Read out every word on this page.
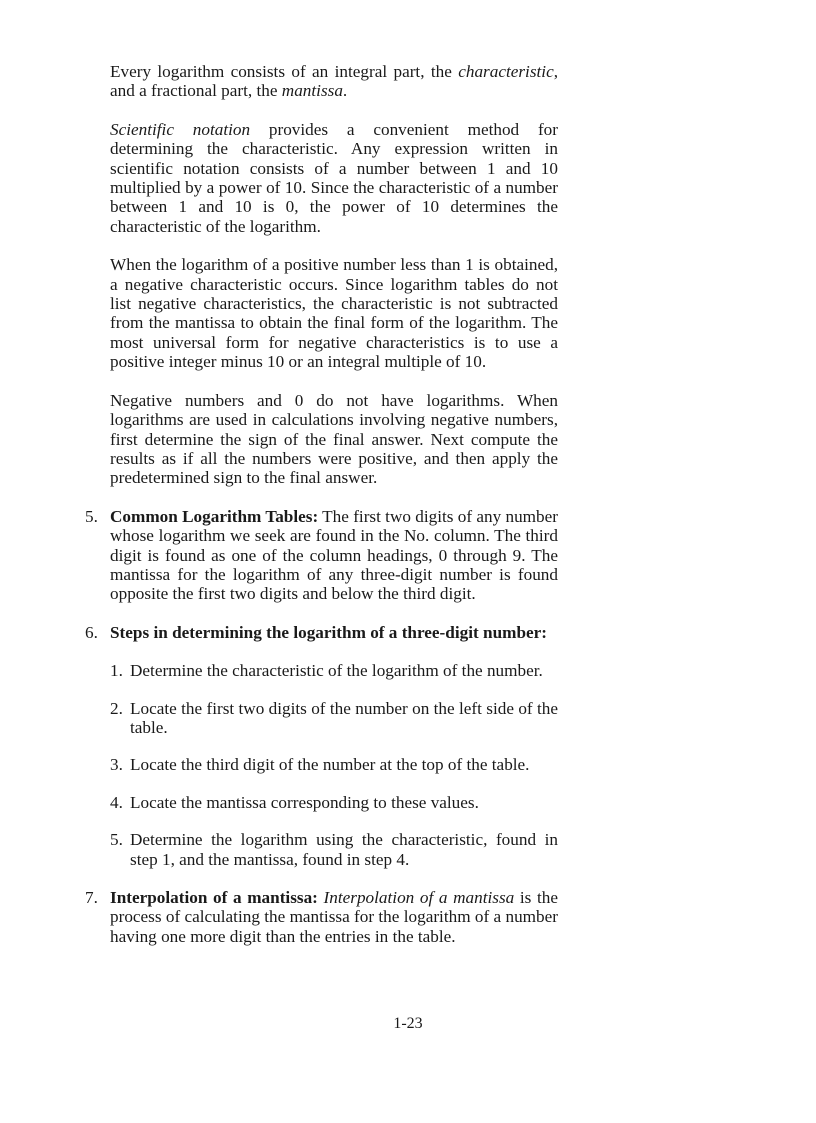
Every logarithm consists of an integral part, the characteristic, and a fractional part, the mantissa.

Scientific notation provides a convenient method for determining the characteristic. Any expression written in scientific notation consists of a number between 1 and 10 multiplied by a power of 10. Since the characteristic of a number between 1 and 10 is 0, the power of 10 determines the characteristic of the logarithm.

When the logarithm of a positive number less than 1 is obtained, a negative characteristic occurs. Since logarithm tables do not list negative characteristics, the characteristic is not subtracted from the mantissa to obtain the final form of the logarithm. The most universal form for negative characteristics is to use a positive integer minus 10 or an integral multiple of 10.

Negative numbers and 0 do not have logarithms. When logarithms are used in calculations involving negative numbers, first determine the sign of the final answer. Next compute the results as if all the numbers were positive, and then apply the predetermined sign to the final answer.

5. Common Logarithm Tables: The first two digits of any number whose logarithm we seek are found in the No. column. The third digit is found as one of the column headings, 0 through 9. The mantissa for the logarithm of any three-digit number is found opposite the first two digits and below the third digit.

6. Steps in determining the logarithm of a three-digit number:

1. Determine the characteristic of the logarithm of the number.

2. Locate the first two digits of the number on the left side of the table.

3. Locate the third digit of the number at the top of the table.

4. Locate the mantissa corresponding to these values.

5. Determine the logarithm using the characteristic, found in step 1, and the mantissa, found in step 4.

7. Interpolation of a mantissa: Interpolation of a mantissa is the process of calculating the mantissa for the logarithm of a number having one more digit than the entries in the table.

1-23
